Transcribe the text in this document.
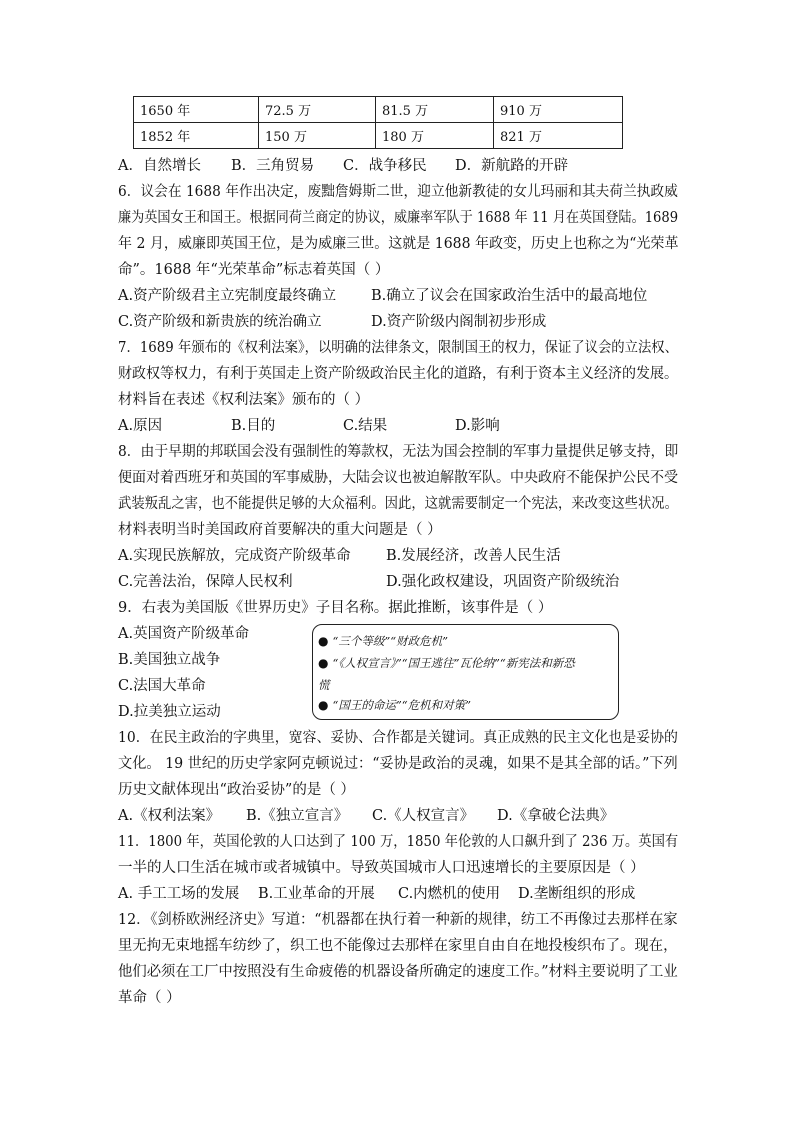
1650 年	72.5 万	81.5 万	910 万
1852 年	150 万	180 万	821 万
A．自然增长 B．三角贸易 C．战争移民 D．新航路的开辟
6．议会在 1688 年作出决定，废黜詹姆斯二世，迎立他新教徒的女儿玛丽和其夫荷兰执政威
廉为英国女王和国王。根据同荷兰商定的协议，威廉率军队于 1688 年 11 月在英国登陆。1689
年 2 月，威廉即英国王位，是为威廉三世。这就是 1688 年政变，历史上也称之为“光荣革
命”。1688 年“光荣革命”标志着英国（ ）
A.资产阶级君主立宪制度最终确立 B.确立了议会在国家政治生活中的最高地位
C.资产阶级和新贵族的统治确立	D.资产阶级内阁制初步形成
7．1689 年颁布的《权利法案》，以明确的法律条文，限制国王的权力，保证了议会的立法权、
财政权等权力，有利于英国走上资产阶级政治民主化的道路，有利于资本主义经济的发展。
材料旨在表述《权利法案》颁布的（ ）
A.原因	B.目的	C.结果	D.影响
8．由于早期的邦联国会没有强制性的筹款权，无法为国会控制的军事力量提供足够支持，即
便面对着西班牙和英国的军事威胁，大陆会议也被迫解散军队。中央政府不能保护公民不受
武装叛乱之害，也不能提供足够的大众福利。因此，这就需要制定一个宪法，来改变这些状况。
材料表明当时美国政府首要解决的重大问题是（ ）
A.实现民族解放，完成资产阶级革命 B.发展经济，改善人民生活
C.完善法治，保障人民权利	D.强化政权建设，巩固资产阶级统治
9．右表为美国版《世界历史》子目名称。据此推断，该事件是（ ）
A.英国资产阶级革命
B.美国独立战争
C.法国大革命
D.拉美独立运动
● “三个等级”“财政危机”
● “《人权宣言》”“国王逃往”瓦伦纳”“新宪法和新恐
慌
● “国王的命运”“危机和对策”
10．在民主政治的字典里，宽容、妥协、合作都是关键词。真正成熟的民主文化也是妥协的
文化。 19 世纪的历史学家阿克顿说过：“妥协是政治的灵魂，如果不是其全部的话。”下列
历史文献体现出“政治妥协”的是（ ）
A.《权利法案》 B.《独立宣言》 C.《人权宣言》 D.《拿破仑法典》
11．1800 年，英国伦敦的人口达到了 100 万，1850 年伦敦的人口飙升到了 236 万。英国有
一半的人口生活在城市或者城镇中。导致英国城市人口迅速增长的主要原因是（ ）
A. 手工工场的发展 B.工业革命的开展 C.内燃机的使用 D.垄断组织的形成
12．《剑桥欧洲经济史》写道：“机器都在执行着一种新的规律，纺工不再像过去那样在家
里无拘无束地摇车纺纱了，织工也不能像过去那样在家里自由自在地投梭织布了。现在，
他们必须在工厂中按照没有生命疲倦的机器设备所确定的速度工作。”材料主要说明了工业
革命（ ）
